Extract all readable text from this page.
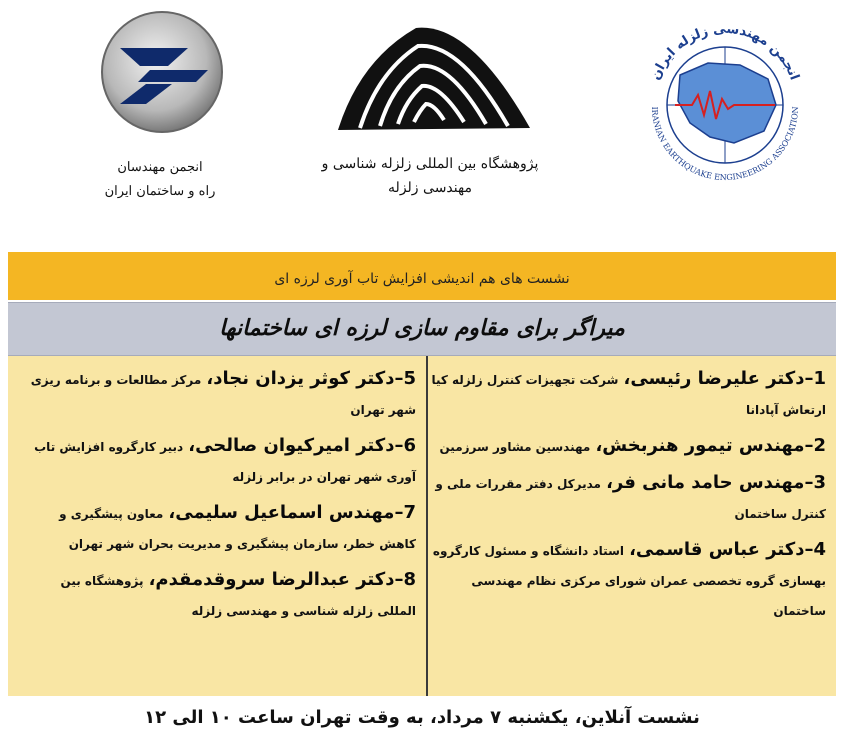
انجمن مهندسان
راه و ساختمان ایران
پژوهشگاه بین المللی زلزله شناسی و مهندسی زلزله
انجمن مهندسی زلزله ایران
IRANIAN EARTHQUAKE ENGINEERING ASSOCIATION
نشست های هم اندیشی افزایش تاب آوری لرزه ای
میراگر برای مقاوم سازی لرزه ای ساختمانها
1–دکتر علیرضا رئیسی، شرکت تجهیزات کنترل زلزله کیا ارتعاش آپادانا
2–مهندس تیمور هنربخش، مهندسین مشاور سرزمین
3–مهندس حامد مانی فر، مدیرکل دفتر مقررات ملی و کنترل ساختمان
4–دکتر عباس قاسمی، استاد دانشگاه و مسئول کارگروه بهسازی گروه تخصصی عمران شورای مرکزی نظام مهندسی ساختمان
5–دکتر کوثر یزدان نجاد، مرکز مطالعات و برنامه ریزی شهر تهران
6–دکتر امیرکیوان صالحی، دبیر کارگروه افزایش تاب آوری شهر تهران در برابر زلزله
7–مهندس اسماعیل سلیمی، معاون پیشگیری و کاهش خطر، سازمان پیشگیری و مدیریت بحران شهر تهران
8–دکتر عبدالرضا سروقدمقدم، پژوهشگاه بین المللی زلزله شناسی و مهندسی زلزله
نشست آنلاین، یکشنبه ۷ مرداد، به وقت تهران ساعت ۱۰ الی ۱۲
